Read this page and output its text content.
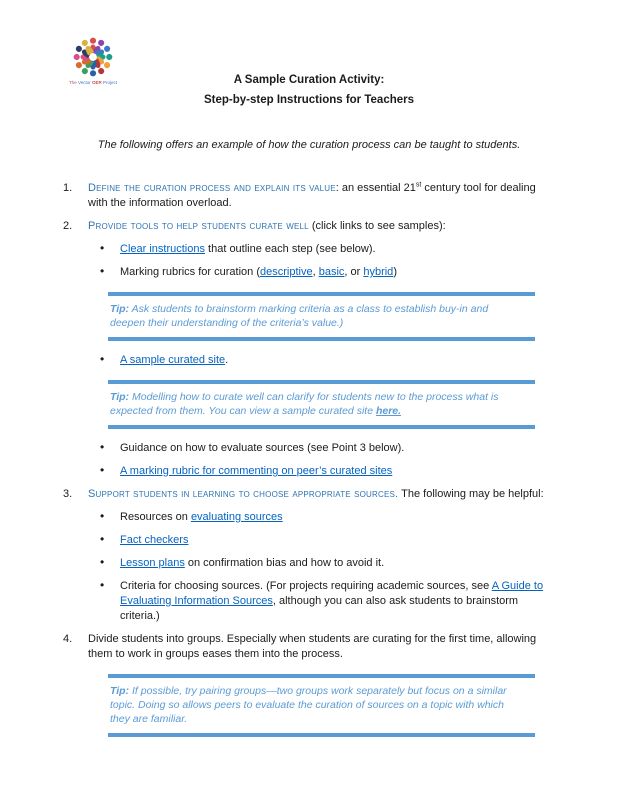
The Vector OER Project	A Sample Curation Activity:
Step-by-step Instructions for Teachers
The following offers an example of how the curation process can be taught to students.
1. Define the curation process and explain its value: an essential 21st century tool for dealing with the information overload.
2. Provide tools to help students curate well (click links to see samples):
• Clear instructions that outline each step (see below).
• Marking rubrics for curation (descriptive, basic, or hybrid)
Tip: Ask students to brainstorm marking criteria as a class to establish buy-in and deepen their understanding of the criteria’s value.)
• A sample curated site.
Tip: Modelling how to curate well can clarify for students new to the process what is expected from them. You can view a sample curated site here.
• Guidance on how to evaluate sources (see Point 3 below).
• A marking rubric for commenting on peer’s curated sites
3. Support students in learning to choose appropriate sources. The following may be helpful:
• Resources on evaluating sources
• Fact checkers
• Lesson plans on confirmation bias and how to avoid it.
• Criteria for choosing sources. (For projects requiring academic sources, see A Guide to Evaluating Information Sources, although you can also ask students to brainstorm criteria.)
4. Divide students into groups. Especially when students are curating for the first time, allowing them to work in groups eases them into the process.
Tip: If possible, try pairing groups—two groups work separately but focus on a similar topic. Doing so allows peers to evaluate the curation of sources on a topic with which they are familiar.
